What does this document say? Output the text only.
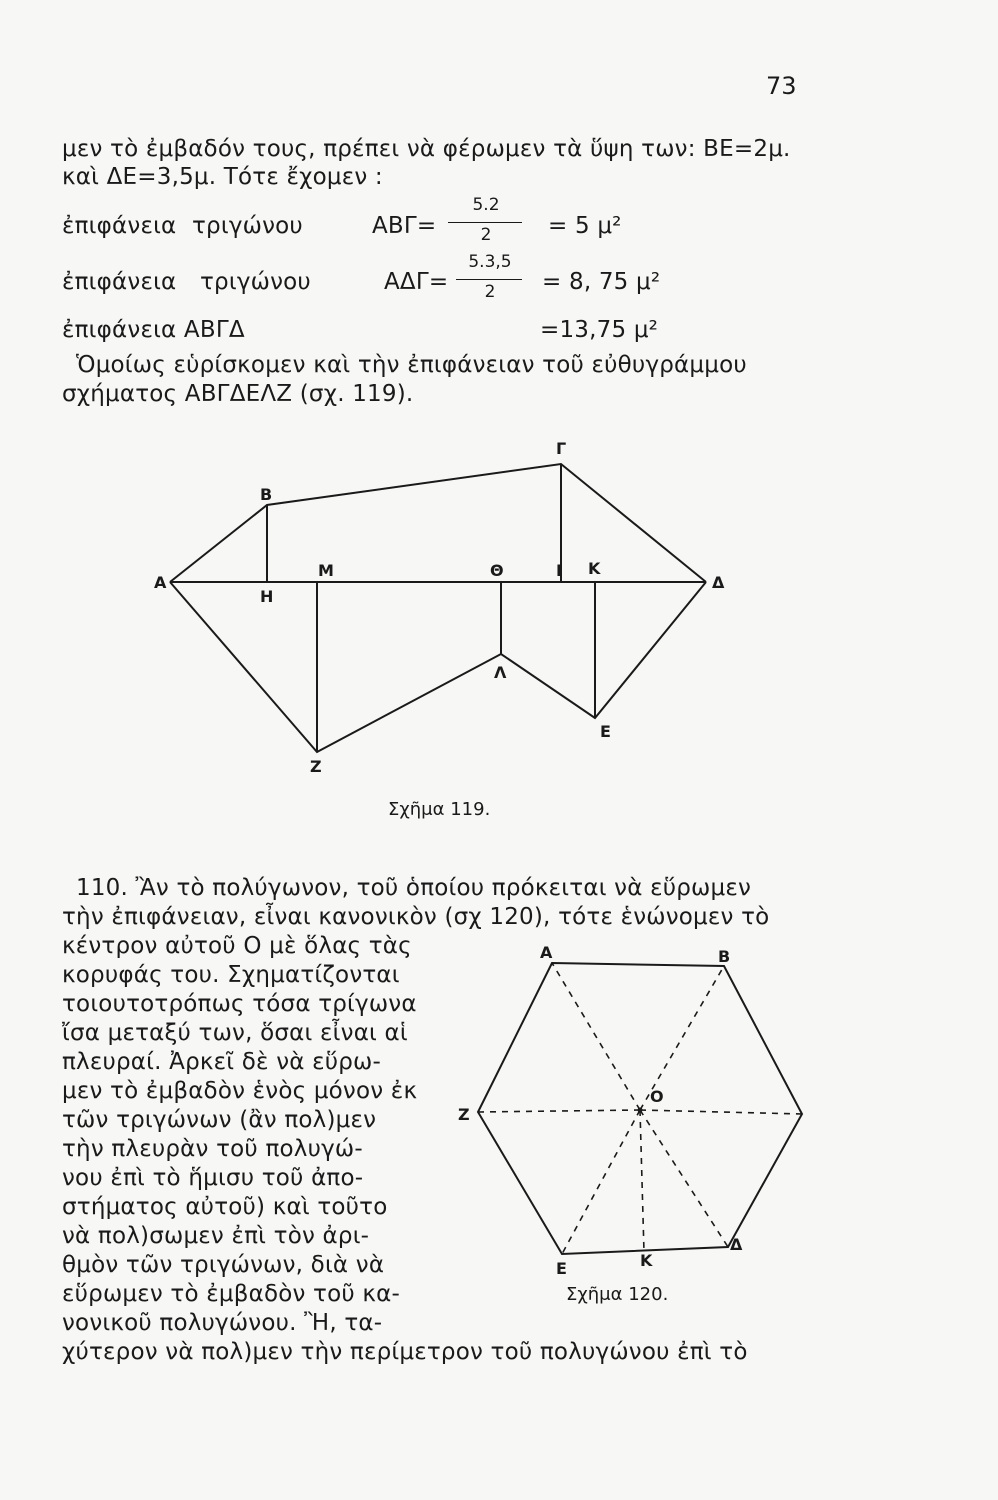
73
μεν τὸ ἐμβαδόν τους, πρέπει νὰ φέρωμεν τὰ ὕψη των: ΒΕ=2μ.
καὶ ΔΕ=3,5μ. Τότε ἔχομεν :
ἐπιφάνεια τριγώνου	ΑΒΓ=
5.2
2	= 5 μ²
ἐπιφάνεια τριγώνου	ΑΔΓ=
5.3,5
2	= 8, 75 μ²
ἐπιφάνεια ΑΒΓΔ	=13,75 μ²
Ὁμοίως εὑρίσκομεν καὶ τὴν ἐπιφάνειαν τοῦ εὐθυγράμμου
σχήματος ΑΒΓΔΕΛΖ (σχ. 119).
Α
Β
Γ
Δ
Ε
Λ
Ζ
Η
Μ	Θ	Ι Κ
Σχῆμα 119.
110. Ἂν τὸ πολύγωνον, τοῦ ὁποίου πρόκειται νὰ εὕρωμεν
τὴν ἐπιφάνειαν, εἶναι κανονικὸν (σχ 120), τότε ἑνώνομεν τὸ
κέντρον αὐτοῦ Ο μὲ ὅλας τὰς
κορυφάς του. Σχηματίζονται
τοιουτοτρόπως τόσα τρίγωνα
ἴσα μεταξύ των, ὅσαι εἶναι αἱ
πλευραί. Ἀρκεῖ δὲ νὰ εὕρω-
μεν τὸ ἐμβαδὸν ἑνὸς μόνον ἐκ
τῶν τριγώνων (ἂν πολ)μεν
τὴν πλευρὰν τοῦ πολυγώ-
νου ἐπὶ τὸ ἥμισυ τοῦ ἀπο-
στήματος αὐτοῦ) καὶ τοῦτο
νὰ πολ)σωμεν ἐπὶ τὸν ἀρι-
θμὸν τῶν τριγώνων, διὰ νὰ
εὕρωμεν τὸ ἐμβαδὸν τοῦ κα-
νονικοῦ πολυγώνου. Ἢ, τα-
χύτερον νὰ πολ)μεν τὴν περίμετρον τοῦ πολυγώνου ἐπὶ τὸ
Α	Β
Ο
Ζ
Ε	Κ
Δ
Σχῆμα 120.
